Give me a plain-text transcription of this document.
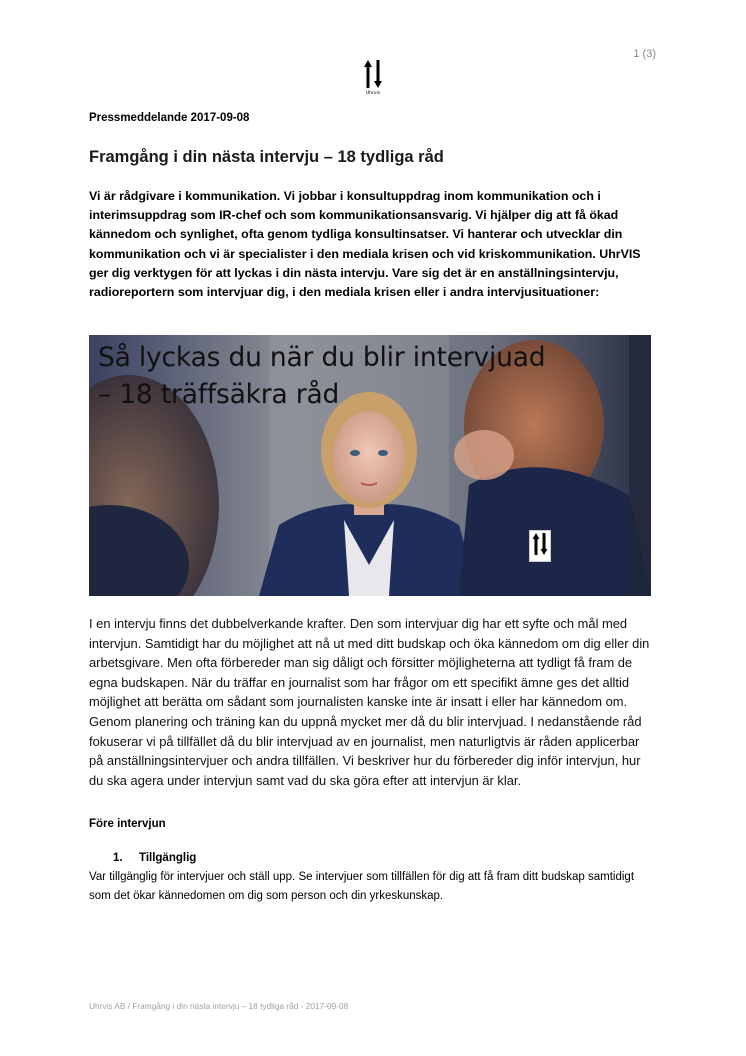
1 (3)
Uhrvis
Pressmeddelande 2017-09-08
Framgång i din nästa intervju – 18 tydliga råd

Vi är rådgivare i kommunikation. Vi jobbar i konsultuppdrag inom kommunikation och i interimsuppdrag som IR-chef och som kommunikationsansvarig. Vi hjälper dig att få ökad kännedom och synlighet, ofta genom tydliga konsultinsatser. Vi hanterar och utvecklar din kommunikation och vi är specialister i den mediala krisen och vid kriskommunikation. UhrVIS ger dig verktygen för att lyckas i din nästa intervju. Vare sig det är en anställningsintervju, radioreportern som intervjuar dig, i den mediala krisen eller i andra intervjusituationer:

Så lyckas du när du blir intervjuad
– 18 träffsäkra råd

I en intervju finns det dubbelverkande krafter. Den som intervjuar dig har ett syfte och mål med intervjun. Samtidigt har du möjlighet att nå ut med ditt budskap och öka kännedom om dig eller din arbetsgivare. Men ofta förbereder man sig dåligt och försitter möjligheterna att tydligt få fram de egna budskapen. När du träffar en journalist som har frågor om ett specifikt ämne ges det alltid möjlighet att berätta om sådant som journalisten kanske inte är insatt i eller har kännedom om. Genom planering och träning kan du uppnå mycket mer då du blir intervjuad. I nedanstående råd fokuserar vi på tillfället då du blir intervjuad av en journalist, men naturligtvis är råden applicerbar på anställningsintervjuer och andra tillfällen. Vi beskriver hur du förbereder dig inför intervjun, hur du ska agera under intervjun samt vad du ska göra efter att intervjun är klar.

Före intervjun
1. Tillgänglig

Var tillgänglig för intervjuer och ställ upp. Se intervjuer som tillfällen för dig att få fram ditt budskap samtidigt som det ökar kännedomen om dig som person och din yrkeskunskap.

Uhrvis AB / Framgång i din nästa intervju – 18 tydliga råd - 2017-09-08
